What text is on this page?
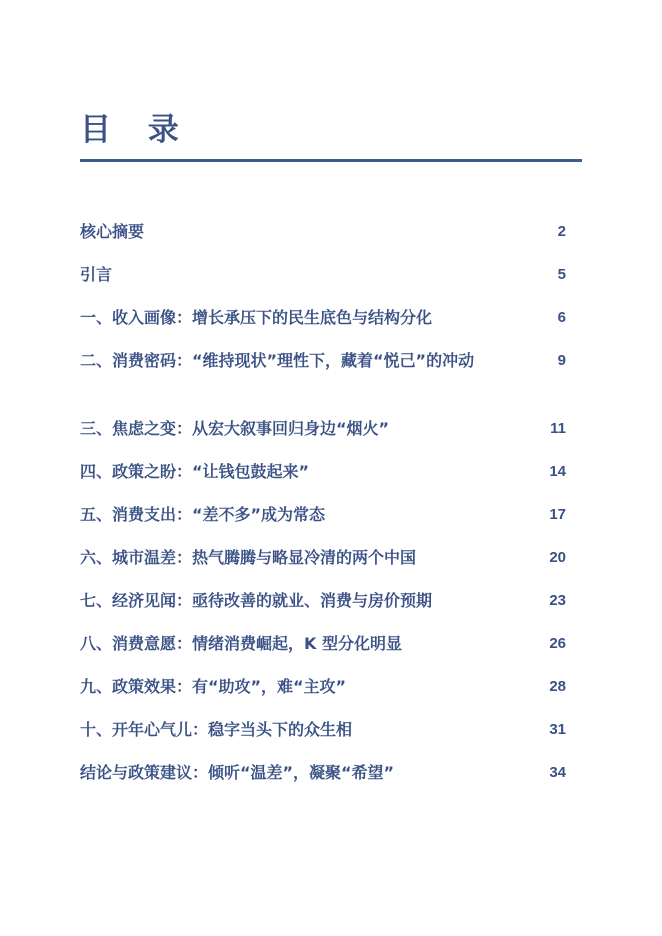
目 录
核心摘要	2
引言	5
一、收入画像：增长承压下的民生底色与结构分化	6
二、消费密码：“维持现状”理性下，藏着“悦己”的冲动	9
三、焦虑之变：从宏大叙事回归身边“烟火”	11
四、政策之盼：“让钱包鼓起来”	14
五、消费支出：“差不多”成为常态	17
六、城市温差：热气腾腾与略显冷清的两个中国	20
七、经济见闻：亟待改善的就业、消费与房价预期	23
八、消费意愿：情绪消费崛起，K 型分化明显	26
九、政策效果：有“助攻”，难“主攻”	28
十、开年心气儿：稳字当头下的众生相	31
结论与政策建议：倾听“温差”，凝聚“希望”	34
